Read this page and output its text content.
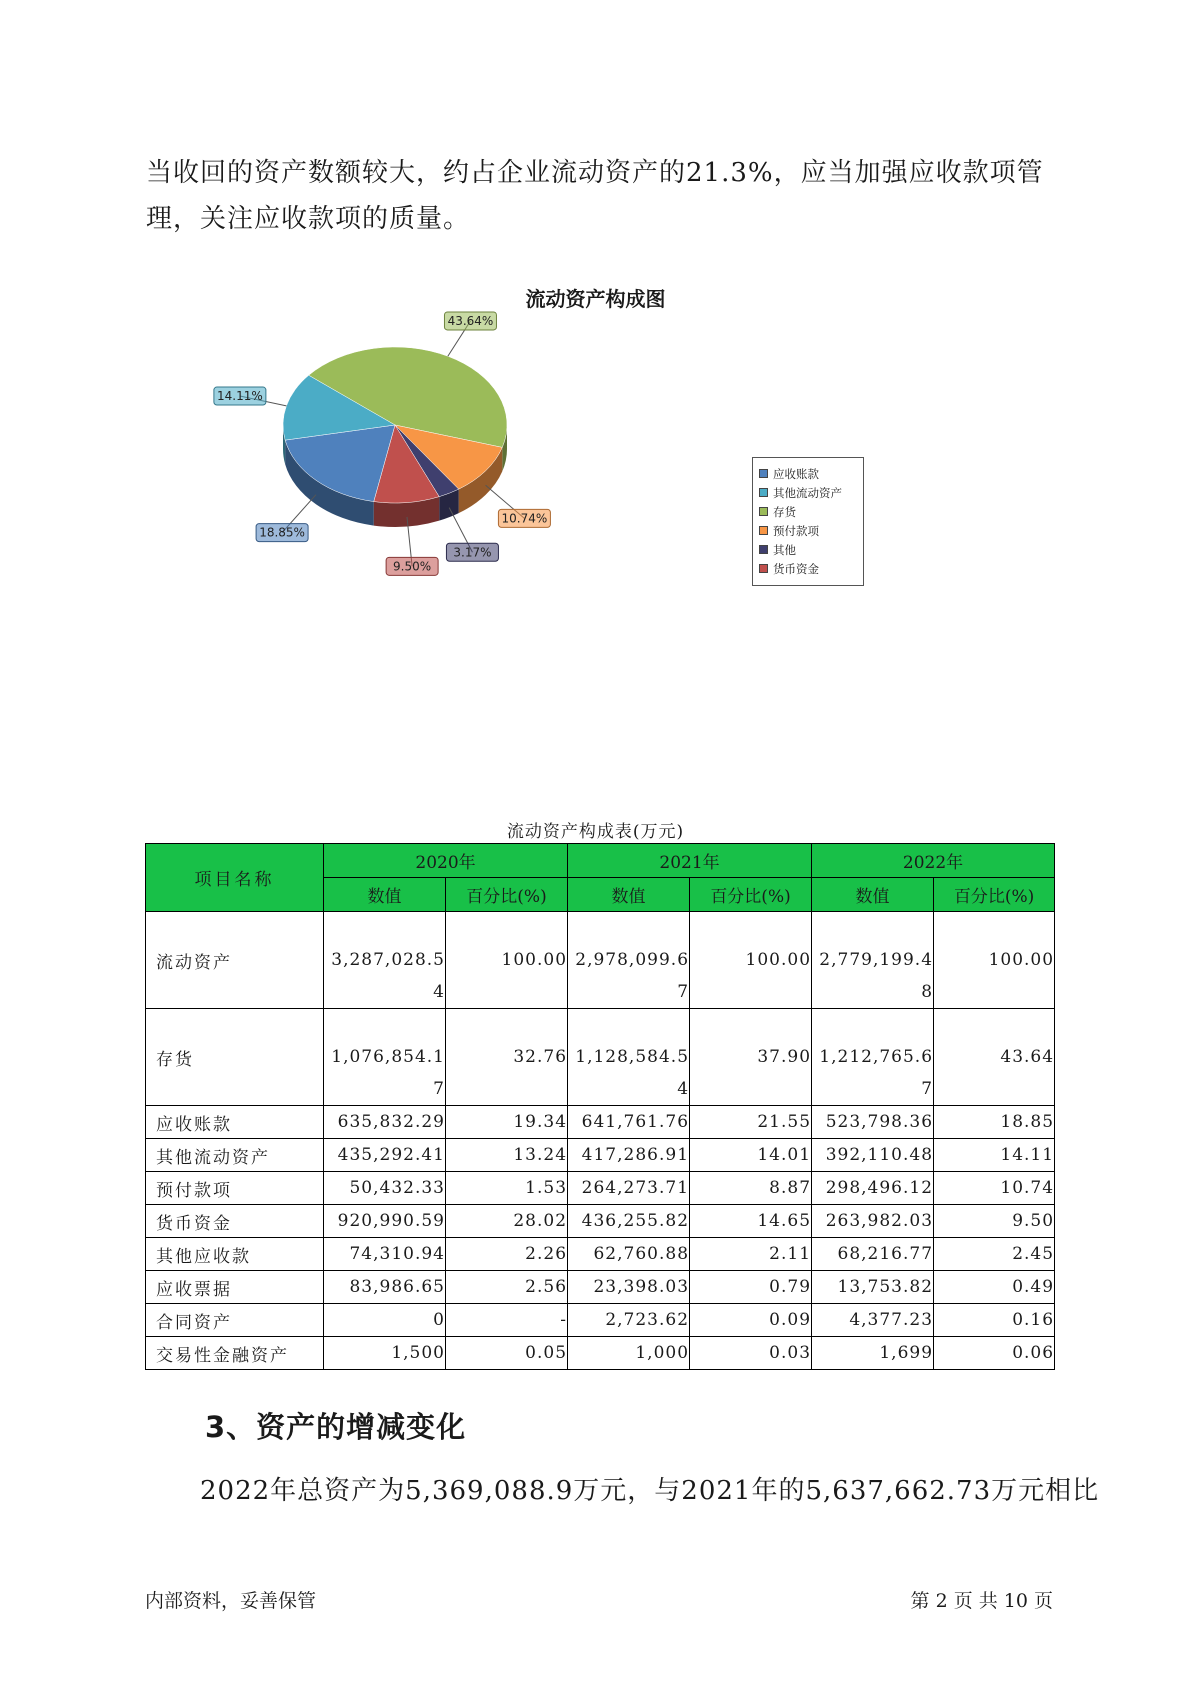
当收回的资产数额较大，约占企业流动资产的21.3%，应当加强应收款项管
理，关注应收款项的质量。

流动资产构成图
43.64%
10.74%
3.17%
9.50%
18.85%
14.11%
应收账款
其他流动资产
存货
预付款项
其他
货币资金
流动资产构成表(万元)
项目名称	2020年		2021年		2022年	
	数值	百分比(%)	数值	百分比(%)	数值	百分比(%)
流动资产	3,287,028.54	100.00	2,978,099.67	100.00	2,779,199.48	100.00
存货	1,076,854.17	32.76	1,128,584.54	37.90	1,212,765.67	43.64
应收账款	635,832.29	19.34	641,761.76	21.55	523,798.36	18.85
其他流动资产	435,292.41	13.24	417,286.91	14.01	392,110.48	14.11
预付款项	50,432.33	1.53	264,273.71	8.87	298,496.12	10.74
货币资金	920,990.59	28.02	436,255.82	14.65	263,982.03	9.50
其他应收款	74,310.94	2.26	62,760.88	2.11	68,216.77	2.45
应收票据	83,986.65	2.56	23,398.03	0.79	13,753.82	0.49
合同资产	0	-	2,723.62	0.09	4,377.23	0.16
交易性金融资产	1,500	0.05	1,000	0.03	1,699	0.06
3、资产的增减变化

2022年总资产为5,369,088.9万元，与2021年的5,637,662.73万元相比

内部资料，妥善保管	第 2 页 共 10 页
